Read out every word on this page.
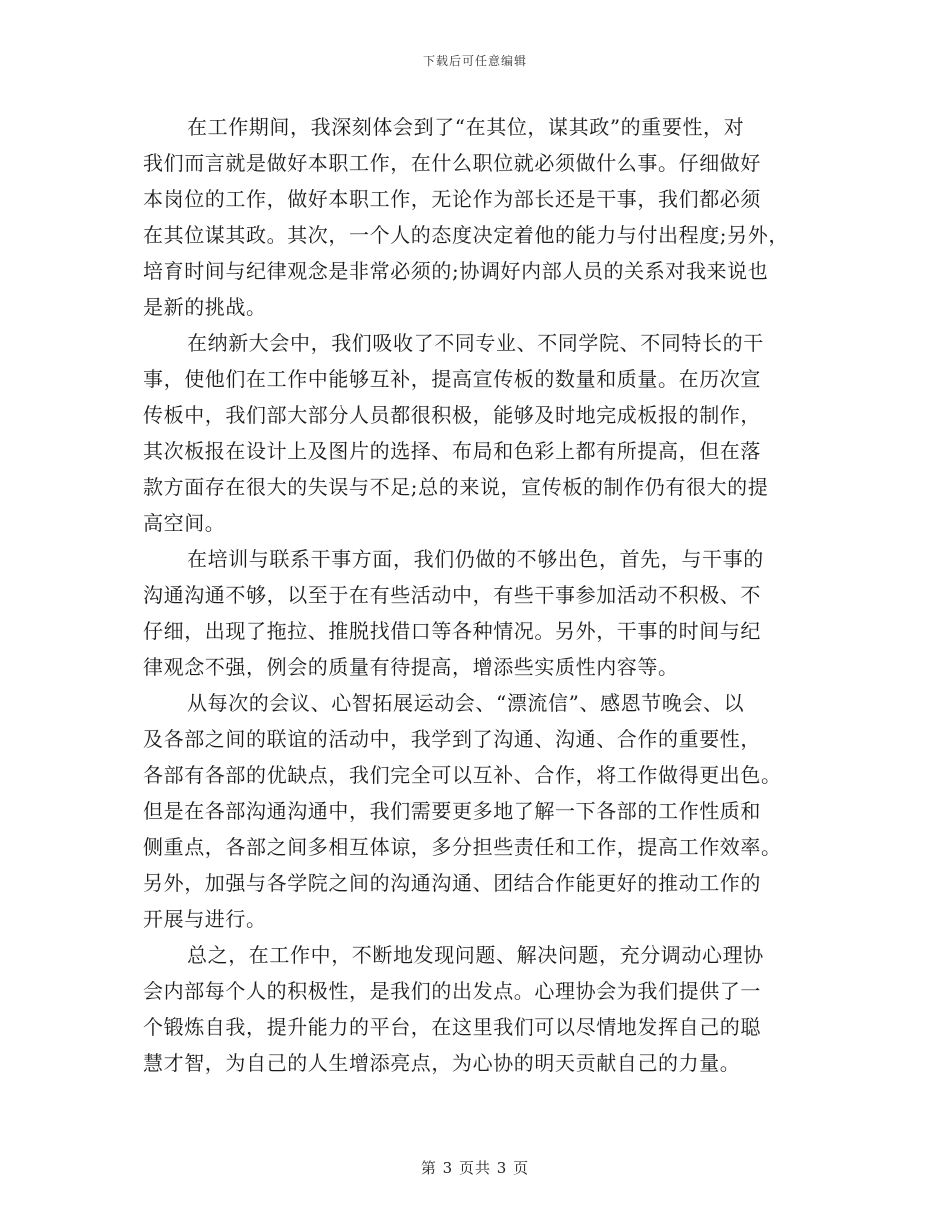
下载后可任意编辑
在工作期间，我深刻体会到了“在其位，谋其政”的重要性，对
我们而言就是做好本职工作，在什么职位就必须做什么事。仔细做好
本岗位的工作，做好本职工作，无论作为部长还是干事，我们都必须
在其位谋其政。其次，一个人的态度决定着他的能力与付出程度;另外，
培育时间与纪律观念是非常必须的;协调好内部人员的关系对我来说也
是新的挑战。
在纳新大会中，我们吸收了不同专业、不同学院、不同特长的干
事，使他们在工作中能够互补，提高宣传板的数量和质量。在历次宣
传板中，我们部大部分人员都很积极，能够及时地完成板报的制作，
其次板报在设计上及图片的选择、布局和色彩上都有所提高，但在落
款方面存在很大的失误与不足;总的来说，宣传板的制作仍有很大的提
高空间。
在培训与联系干事方面，我们仍做的不够出色，首先，与干事的
沟通沟通不够，以至于在有些活动中，有些干事参加活动不积极、不
仔细，出现了拖拉、推脱找借口等各种情况。另外，干事的时间与纪
律观念不强，例会的质量有待提高，增添些实质性内容等。
从每次的会议、心智拓展运动会、“漂流信”、感恩节晚会、以
及各部之间的联谊的活动中，我学到了沟通、沟通、合作的重要性，
各部有各部的优缺点，我们完全可以互补、合作，将工作做得更出色。
但是在各部沟通沟通中，我们需要更多地了解一下各部的工作性质和
侧重点，各部之间多相互体谅，多分担些责任和工作，提高工作效率。
另外，加强与各学院之间的沟通沟通、团结合作能更好的推动工作的
开展与进行。
总之，在工作中，不断地发现问题、解决问题，充分调动心理协
会内部每个人的积极性，是我们的出发点。心理协会为我们提供了一
个锻炼自我，提升能力的平台，在这里我们可以尽情地发挥自己的聪
慧才智，为自己的人生增添亮点，为心协的明天贡献自己的力量。
第 3 页共 3 页
